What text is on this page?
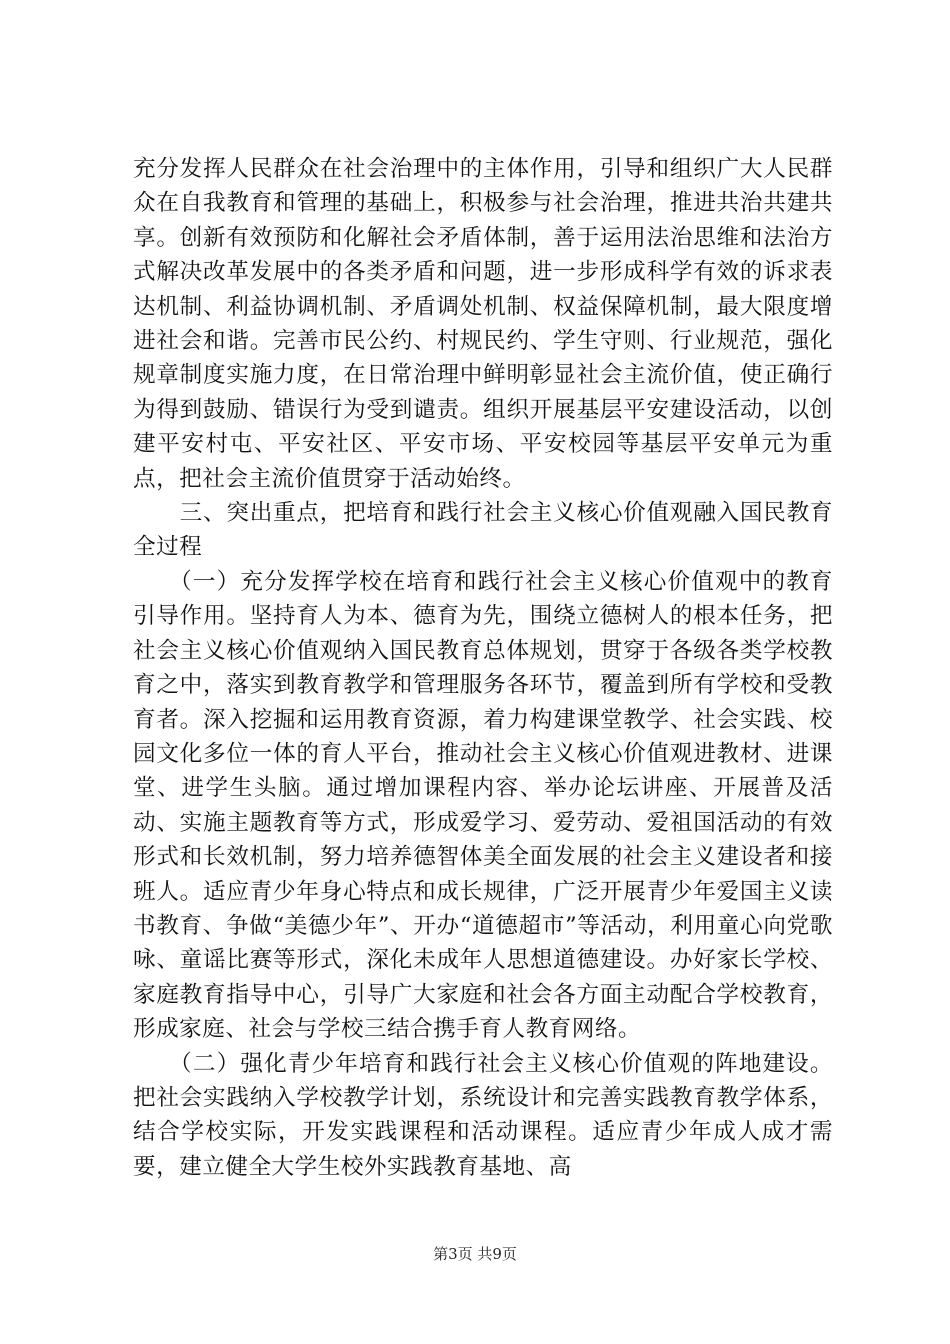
充分发挥人民群众在社会治理中的主体作用，引导和组织广大人民群众在自我教育和管理的基础上，积极参与社会治理，推进共治共建共享。创新有效预防和化解社会矛盾体制，善于运用法治思维和法治方式解决改革发展中的各类矛盾和问题，进一步形成科学有效的诉求表达机制、利益协调机制、矛盾调处机制、权益保障机制，最大限度增进社会和谐。完善市民公约、村规民约、学生守则、行业规范，强化规章制度实施力度，在日常治理中鲜明彰显社会主流价值，使正确行为得到鼓励、错误行为受到谴责。组织开展基层平安建设活动，以创建平安村屯、平安社区、平安市场、平安校园等基层平安单元为重点，把社会主流价值贯穿于活动始终。

　　三、突出重点，把培育和践行社会主义核心价值观融入国民教育全过程

　　（一）充分发挥学校在培育和践行社会主义核心价值观中的教育引导作用。坚持育人为本、德育为先，围绕立德树人的根本任务，把社会主义核心价值观纳入国民教育总体规划，贯穿于各级各类学校教育之中，落实到教育教学和管理服务各环节，覆盖到所有学校和受教育者。深入挖掘和运用教育资源，着力构建课堂教学、社会实践、校园文化多位一体的育人平台，推动社会主义核心价值观进教材、进课堂、进学生头脑。通过增加课程内容、举办论坛讲座、开展普及活动、实施主题教育等方式，形成爱学习、爱劳动、爱祖国活动的有效形式和长效机制，努力培养德智体美全面发展的社会主义建设者和接班人。适应青少年身心特点和成长规律，广泛开展青少年爱国主义读书教育、争做“美德少年”、开办“道德超市”等活动，利用童心向党歌咏、童谣比赛等形式，深化未成年人思想道德建设。办好家长学校、家庭教育指导中心，引导广大家庭和社会各方面主动配合学校教育，形成家庭、社会与学校三结合携手育人教育网络。

　　（二）强化青少年培育和践行社会主义核心价值观的阵地建设。把社会实践纳入学校教学计划，系统设计和完善实践教育教学体系，结合学校实际，开发实践课程和活动课程。适应青少年成人成才需要，建立健全大学生校外实践教育基地、高

第3页 共9页
